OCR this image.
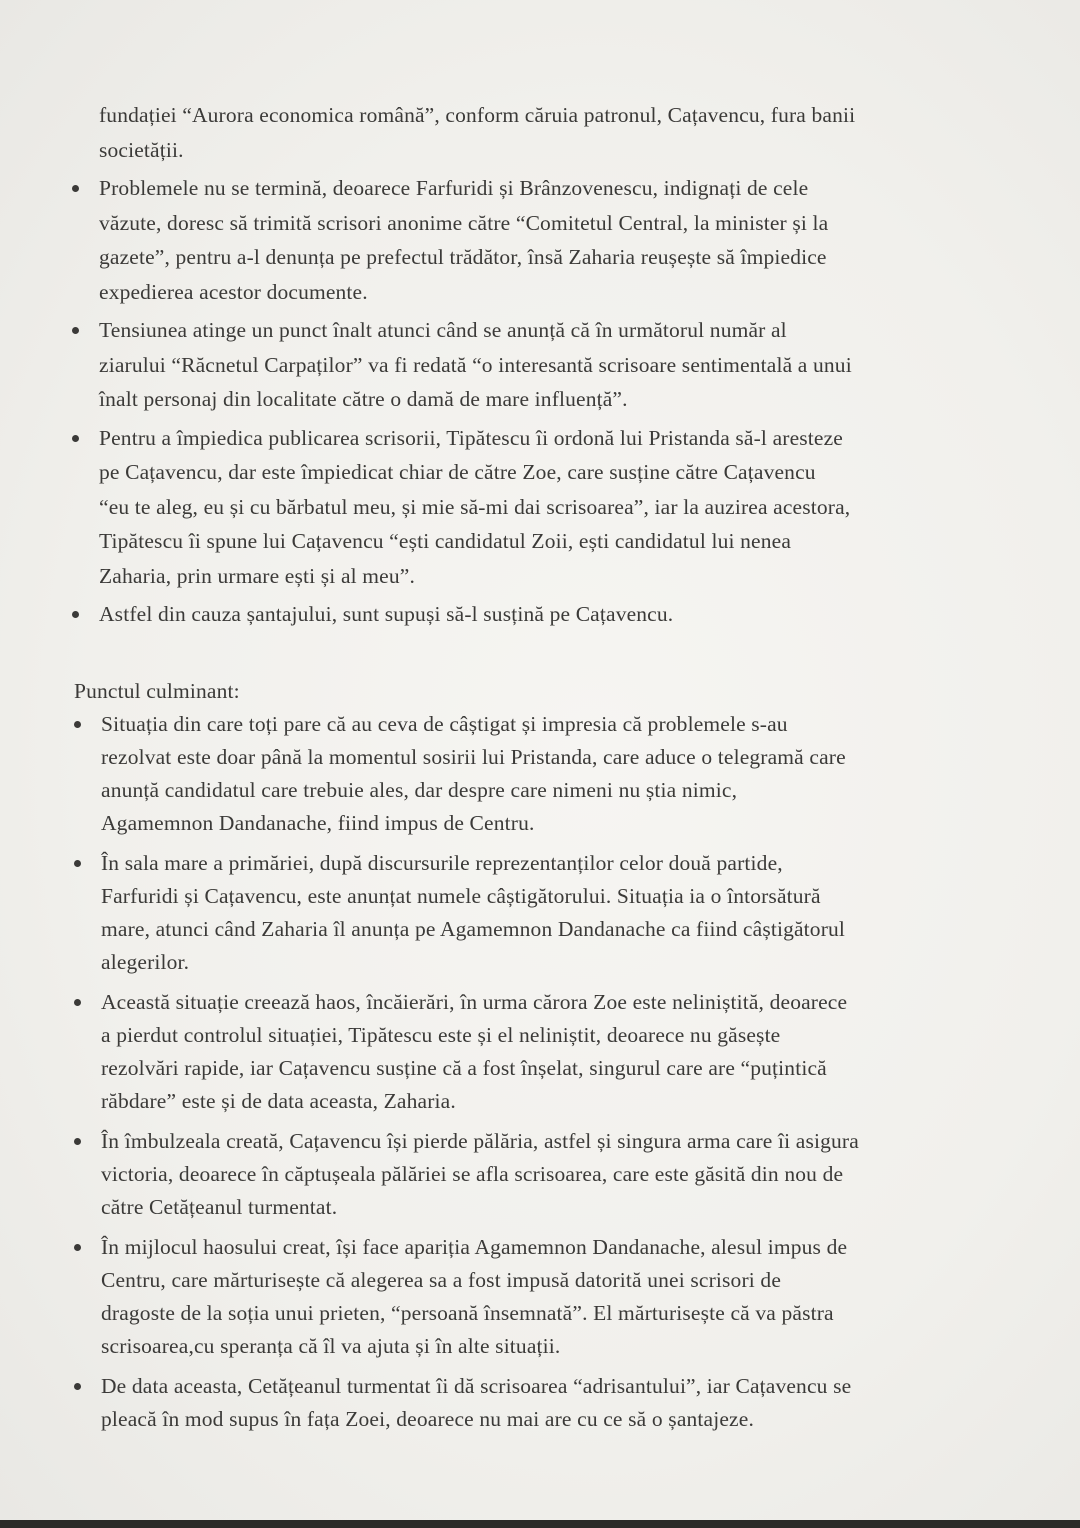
fundației “Aurora economica română”, conform căruia patronul, Cațavencu, fura banii
societății.
Problemele nu se termină, deoarece Farfuridi și Brânzovenescu, indignați de cele
văzute, doresc să trimită scrisori anonime către “Comitetul Central, la minister și la
gazete”, pentru a-l denunța pe prefectul trădător, însă Zaharia reușește să împiedice
expedierea acestor documente.
Tensiunea atinge un punct înalt atunci când se anunță că în următorul număr al
ziarului “Răcnetul Carpaților” va fi redată “o interesantă scrisoare sentimentală a unui
înalt personaj din localitate către o damă de mare influență”.
Pentru a împiedica publicarea scrisorii, Tipătescu îi ordonă lui Pristanda să-l aresteze
pe Cațavencu, dar este împiedicat chiar de către Zoe, care susține către Cațavencu
“eu te aleg, eu și cu bărbatul meu, și mie să-mi dai scrisoarea”, iar la auzirea acestora,
Tipătescu îi spune lui Cațavencu “ești candidatul Zoii, ești candidatul lui nenea
Zaharia, prin urmare ești și al meu”.
Astfel din cauza șantajului, sunt supuși să-l susțină pe Cațavencu.
Punctul culminant:
Situația din care toți pare că au ceva de câștigat și impresia că problemele s-au
rezolvat este doar până la momentul sosirii lui Pristanda, care aduce o telegramă care
anunță candidatul care trebuie ales, dar despre care nimeni nu știa nimic,
Agamemnon Dandanache, fiind impus de Centru.
În sala mare a primăriei, după discursurile reprezentanților celor două partide,
Farfuridi și Cațavencu, este anunțat numele câștigătorului. Situația ia o întorsătură
mare, atunci când Zaharia îl anunța pe Agamemnon Dandanache ca fiind câștigătorul
alegerilor.
Această situație creează haos, încăierări, în urma cărora Zoe este neliniștită, deoarece
a pierdut controlul situației, Tipătescu este și el neliniștit, deoarece nu găsește
rezolvări rapide, iar Cațavencu susține că a fost înșelat, singurul care are “puțintică
răbdare” este și de data aceasta, Zaharia.
În îmbulzeala creată, Cațavencu își pierde pălăria, astfel și singura arma care îi asigura
victoria, deoarece în căptușeala pălăriei se afla scrisoarea, care este găsită din nou de
către Cetățeanul turmentat.
În mijlocul haosului creat, își face apariția Agamemnon Dandanache, alesul impus de
Centru, care mărturisește că alegerea sa a fost impusă datorită unei scrisori de
dragoste de la soția unui prieten, “persoană însemnată”. El mărturisește că va păstra
scrisoarea,cu speranța că îl va ajuta și în alte situații.
De data aceasta, Cetățeanul turmentat îi dă scrisoarea “adrisantului”, iar Cațavencu se
pleacă în mod supus în fața Zoei, deoarece nu mai are cu ce să o șantajeze.
